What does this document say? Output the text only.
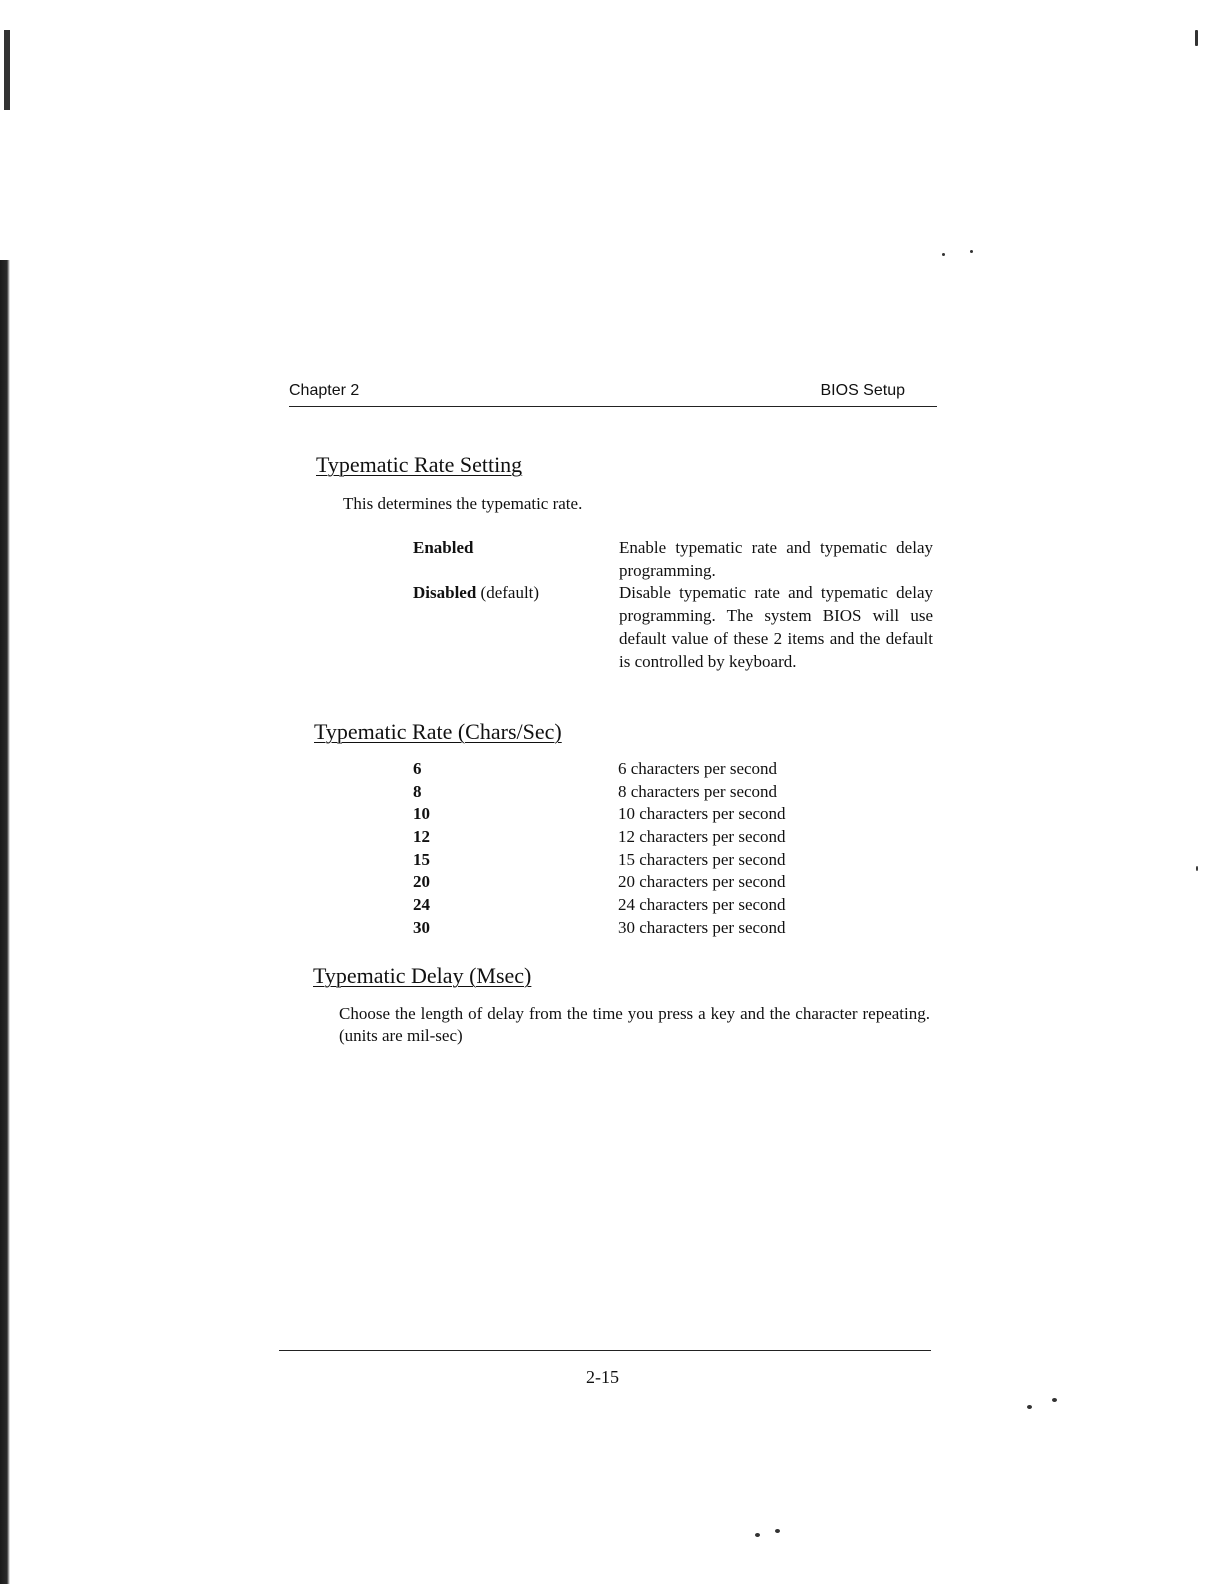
Chapter 2	BIOS Setup
Typematic Rate Setting
This determines the typematic rate.
Enabled	Enable typematic rate and typematic delay programming.
Disabled (default)	Disable typematic rate and typematic delay programming. The system BIOS will use default value of these 2 items and the default is controlled by keyboard.
Typematic Rate (Chars/Sec)
6	6 characters per second
8	8 characters per second
10	10 characters per second
12	12 characters per second
15	15 characters per second
20	20 characters per second
24	24 characters per second
30	30 characters per second
Typematic Delay (Msec)
Choose the length of delay from the time you press a key and the character repeating.    (units are mil-sec)
2-15
